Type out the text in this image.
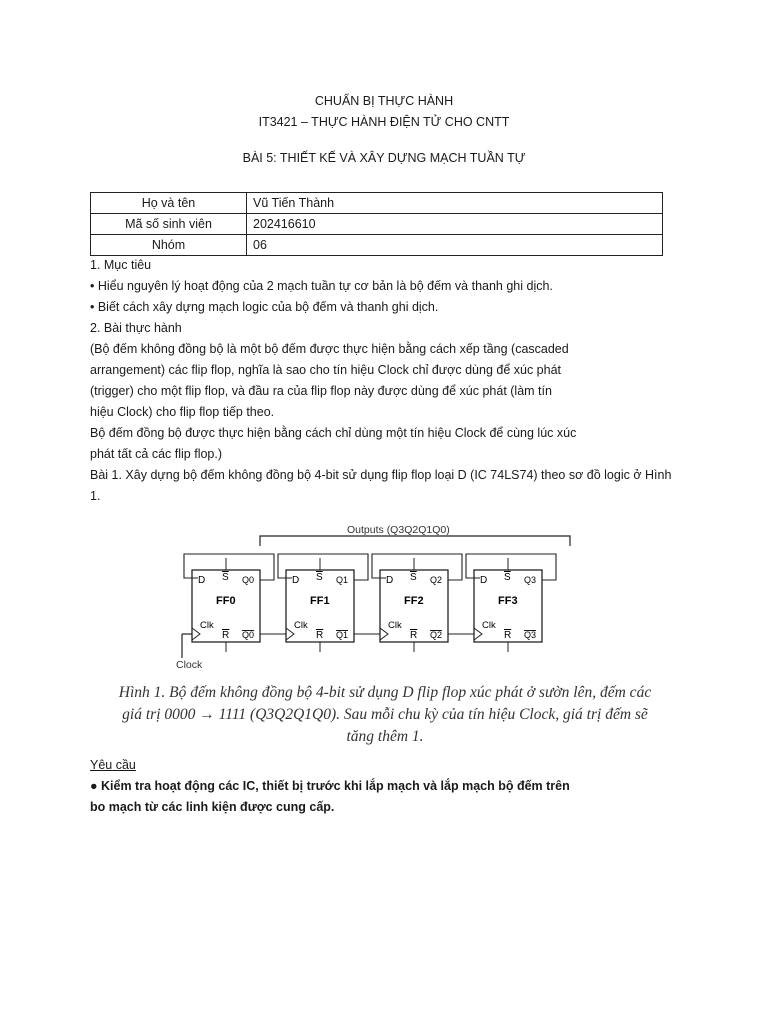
CHUẨN BỊ THỰC HÀNH
IT3421 – THỰC HÀNH ĐIỆN TỬ CHO CNTT
BÀI 5: THIẾT KẾ VÀ XÂY DỰNG MẠCH TUẦN TỰ
Họ và tên	Vũ Tiến Thành
Mã số sinh viên	202416610
Nhóm	06
1. Mục tiêu
• Hiểu nguyên lý hoạt động của 2 mạch tuần tự cơ bản là bộ đếm và thanh ghi dịch.
• Biết cách xây dựng mạch logic của bộ đếm và thanh ghi dịch.
2. Bài thực hành
(Bộ đếm không đồng bộ là một bộ đếm được thực hiện bằng cách xếp tầng (cascaded
arrangement) các flip flop, nghĩa là sao cho tín hiệu Clock chỉ được dùng để xúc phát
(trigger) cho một flip flop, và đầu ra của flip flop này được dùng để xúc phát (làm tín
hiệu Clock) cho flip flop tiếp theo.
Bộ đếm đồng bộ được thực hiện bằng cách chỉ dùng một tín hiệu Clock để cùng lúc xúc
phát tất cả các flip flop.)
Bài 1. Xây dựng bộ đếm không đồng bộ 4-bit sử dụng flip flop loại D (IC 74LS74) theo sơ đồ logic ở Hình
1.
Outputs (Q3Q2Q1Q0)
Clock
D S Q0
FF0
Clk
R Q0
D S Q1
FF1
Clk
R Q1
D S Q2
FF2
Clk
R Q2
D S Q3
FF3
Clk
R Q3
Hình 1. Bộ đếm không đồng bộ 4-bit sử dụng D flip flop xúc phát ở sườn lên, đếm các
giá trị 0000 → 1111 (Q3Q2Q1Q0). Sau mỗi chu kỳ của tín hiệu Clock, giá trị đếm sẽ
tăng thêm 1.
Yêu cầu
● Kiểm tra hoạt động các IC, thiết bị trước khi lắp mạch và lắp mạch bộ đếm trên
bo mạch từ các linh kiện được cung cấp.
